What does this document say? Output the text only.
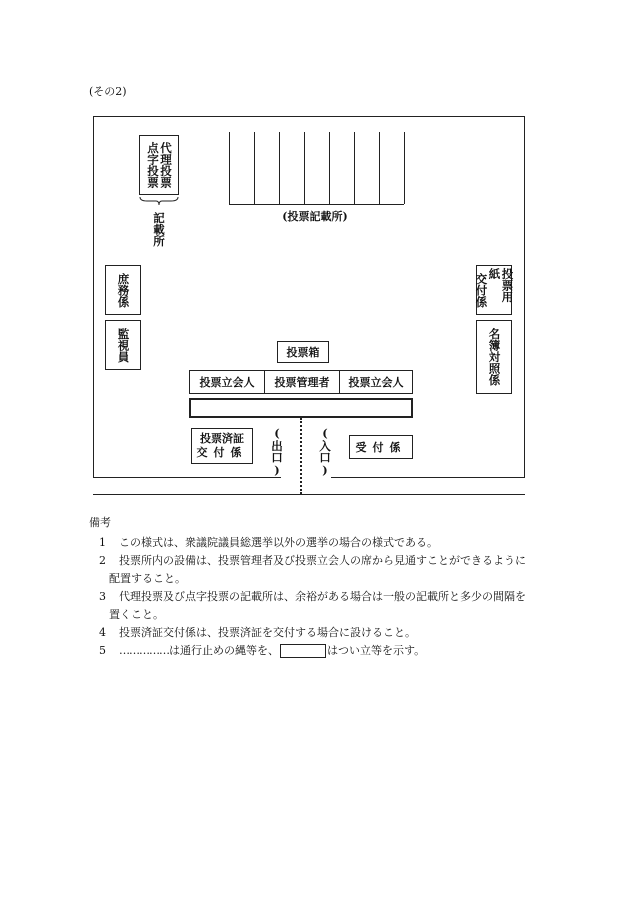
(その2)
(投票記載所)
代理投票
点字投票
記載所
庶務係
監視員
投票用紙
交付係
名簿対照係
投票箱
投票立会人	投票管理者	投票立会人
投票済証
交付係 (出口)	(入口)	受付係
備考
1 この様式は、衆議院議員総選挙以外の選挙の場合の様式である。
2 投票所内の設備は、投票管理者及び投票立会人の席から見通すことができるように
配置すること。
3 代理投票及び点字投票の記載所は、余裕がある場合は一般の記載所と多少の間隔を
置くこと。
4 投票済証交付係は、投票済証を交付する場合に設けること。
5 ……………は通行止めの縄等を、	はつい立等を示す。
